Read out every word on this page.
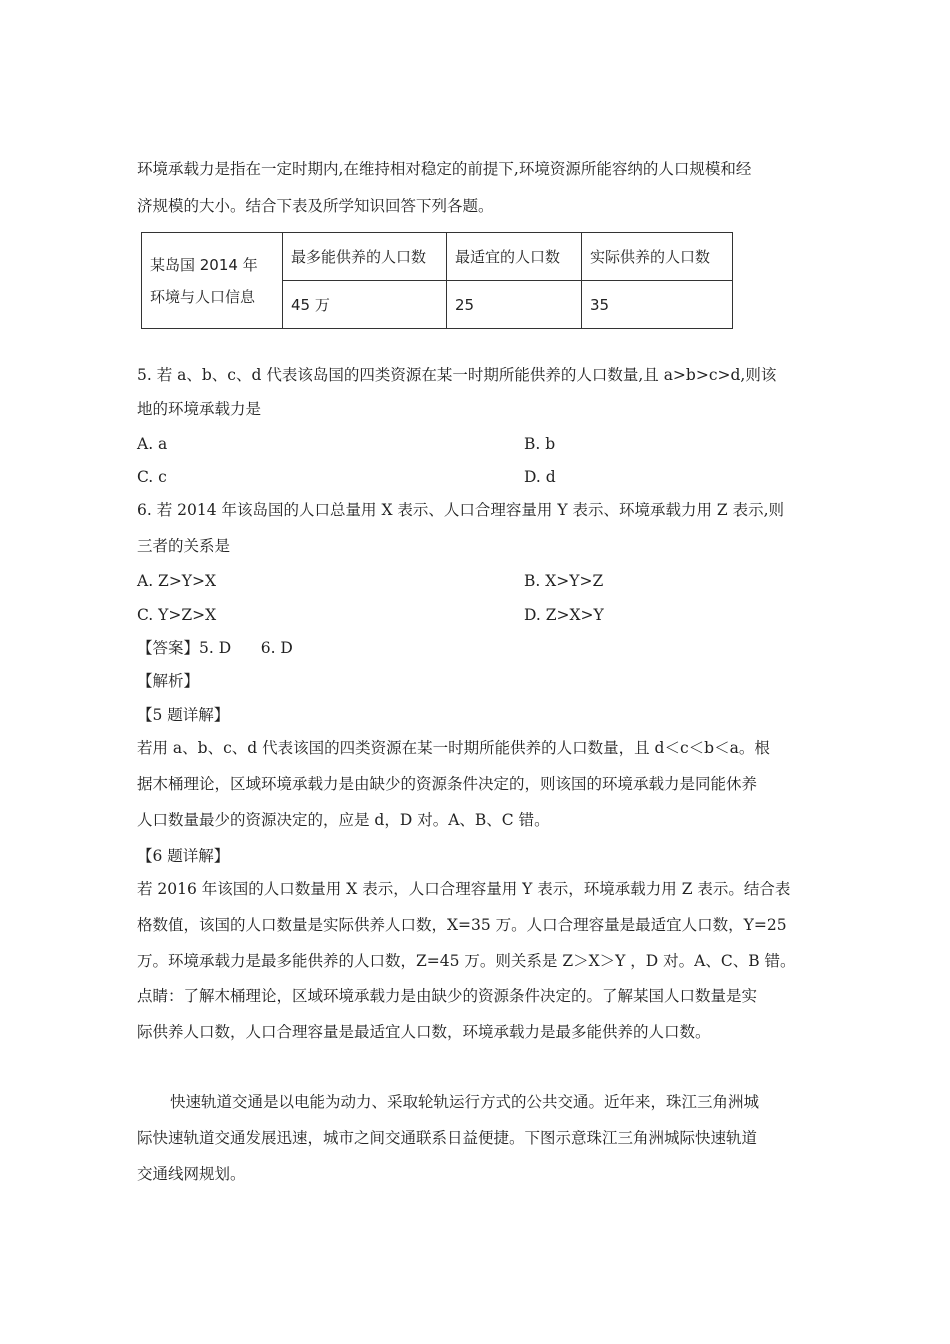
环境承载力是指在一定时期内,在维持相对稳定的前提下,环境资源所能容纳的人口规模和经
济规模的大小。结合下表及所学知识回答下列各题。
某岛国 2014 年
环境与人口信息	最多能供养的人口数	最适宜的人口数	实际供养的人口数
	45 万	25	35
5. 若 a、b、c、d 代表该岛国的四类资源在某一时期所能供养的人口数量,且 a>b>c>d,则该
地的环境承载力是
A. a	B. b
C. c	D. d
6. 若 2014 年该岛国的人口总量用 X 表示、人口合理容量用 Y 表示、环境承载力用 Z 表示,则
三者的关系是
A. Z>Y>X	B. X>Y>Z
C. Y>Z>X	D. Z>X>Y
【答案】5. D      6. D
【解析】
【5 题详解】
若用 a、b、c、d 代表该国的四类资源在某一时期所能供养的人口数量，且 d＜c＜b＜a。根
据木桶理论，区域环境承载力是由缺少的资源条件决定的，则该国的环境承载力是同能休养
人口数量最少的资源决定的，应是 d，D 对。A、B、C 错。
【6 题详解】
若 2016 年该国的人口数量用 X 表示，人口合理容量用 Y 表示，环境承载力用 Z 表示。结合表
格数值，该国的人口数量是实际供养人口数，X=35 万。人口合理容量是最适宜人口数，Y=25
万。环境承载力是最多能供养的人口数，Z=45 万。则关系是 Z＞X＞Y ，D 对。A、C、B 错。
点睛：了解木桶理论，区域环境承载力是由缺少的资源条件决定的。了解某国人口数量是实
际供养人口数，人口合理容量是最适宜人口数，环境承载力是最多能供养的人口数。
快速轨道交通是以电能为动力、采取轮轨运行方式的公共交通。近年来，珠江三角洲城
际快速轨道交通发展迅速，城市之间交通联系日益便捷。下图示意珠江三角洲城际快速轨道
交通线网规划。
